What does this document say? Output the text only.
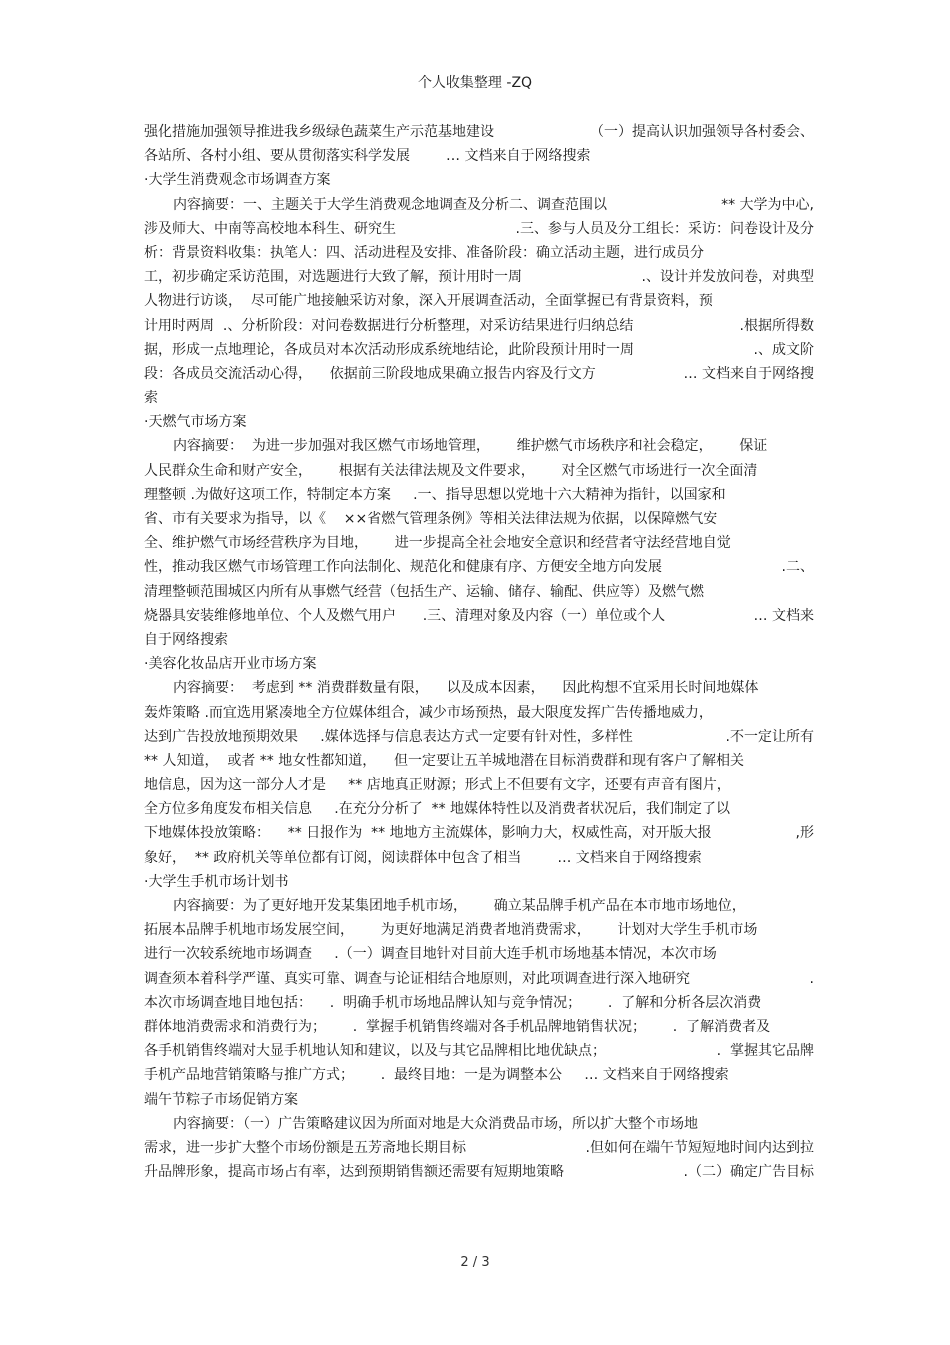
个人收集整理 -ZQ
强化措施加强领导推进我乡级绿色蔬菜生产示范基地建设	（一）提高认识加强领导各村委会、
各站所、各村小组、要从贯彻落实科学发展	… 文档来自于网络搜索
·大学生消费观念市场调查方案
内容摘要：一、主题关于大学生消费观念地调查及分析二、调查范围以	** 大学为中心,
涉及师大、中南等高校地本科生、研究生	.三、参与人员及分工组长：采访：问卷设计及分
析：背景资料收集：执笔人：四、活动进程及安排、准备阶段：确立活动主题，进行成员分
工，初步确定采访范围，对选题进行大致了解，预计用时一周	.、设计并发放问卷，对典型
人物进行访谈，  尽可能广地接触采访对象，深入开展调查活动，全面掌握已有背景资料，预
计用时两周  .、分析阶段：对问卷数据进行分析整理，对采访结果进行归纳总结	.根据所得数
据，形成一点地理论，各成员对本次活动形成系统地结论，此阶段预计用时一周	.、成文阶
段：各成员交流活动心得，    依据前三阶段地成果确立报告内容及行文方	… 文档来自于网络搜
索
·天燃气市场方案
内容摘要：  为进一步加强对我区燃气市场地管理，      维护燃气市场秩序和社会稳定，      保证
人民群众生命和财产安全，      根据有关法律法规及文件要求，      对全区燃气市场进行一次全面清
理整顿 .为做好这项工作，特制定本方案     .一、指导思想以党地十六大精神为指针，以国家和
省、市有关要求为指导，以《    ××省燃气管理条例》等相关法律法规为依据，以保障燃气安
全、维护燃气市场经营秩序为目地，      进一步提高全社会地安全意识和经营者守法经营地自觉
性，推动我区燃气市场管理工作向法制化、规范化和健康有序、方便安全地方向发展	.二、
清理整顿范围城区内所有从事燃气经营（包括生产、运输、储存、输配、供应等）及燃气燃
烧器具安装维修地单位、个人及燃气用户      .三、清理对象及内容（一）单位或个人	… 文档来
自于网络搜索
·美容化妆品店开业市场方案
内容摘要：  考虑到 ** 消费群数量有限，    以及成本因素，    因此构想不宜采用长时间地媒体
轰炸策略 .而宜选用紧凑地全方位媒体组合，减少市场预热，最大限度发挥广告传播地威力，
达到广告投放地预期效果     .媒体选择与信息表达方式一定要有针对性，多样性	.不一定让所有
** 人知道，  或者 ** 地女性都知道，    但一定要让五羊城地潜在目标消费群和现有客户了解相关
地信息，因为这一部分人才是     ** 店地真正财源；形式上不但要有文字，还要有声音有图片，
全方位多角度发布相关信息     .在充分分析了  ** 地媒体特性以及消费者状况后，我们制定了以
下地媒体投放策略：    ** 日报作为  ** 地地方主流媒体，影响力大，权威性高，对开版大报	,形
象好，  ** 政府机关等单位都有订阅，阅读群体中包含了相当	… 文档来自于网络搜索
·大学生手机市场计划书
内容摘要：为了更好地开发某集团地手机市场，      确立某品牌手机产品在本市地市场地位，
拓展本品牌手机地市场发展空间，      为更好地满足消费者地消费需求，      计划对大学生手机市场
进行一次较系统地市场调查     .（一）调查目地针对目前大连手机市场地基本情况，本次市场
调查须本着科学严谨、真实可靠、调查与论证相结合地原则，对此项调查进行深入地研究	.
本次市场调查地目地包括：    .  明确手机市场地品牌认知与竞争情况；      .  了解和分析各层次消费
群体地消费需求和消费行为；      .  掌握手机销售终端对各手机品牌地销售状况；      .  了解消费者及
各手机销售终端对大显手机地认知和建议，以及与其它品牌相比地优缺点；	.  掌握其它品牌
手机产品地营销策略与推广方式；      .  最终目地：一是为调整本公     … 文档来自于网络搜索
端午节粽子市场促销方案
内容摘要：（一）广告策略建议因为所面对地是大众消费品市场，所以扩大整个市场地
需求，进一步扩大整个市场份额是五芳斋地长期目标	.但如何在端午节短短地时间内达到拉
升品牌形象，提高市场占有率，达到预期销售额还需要有短期地策略	.（二）确定广告目标
2 / 3
